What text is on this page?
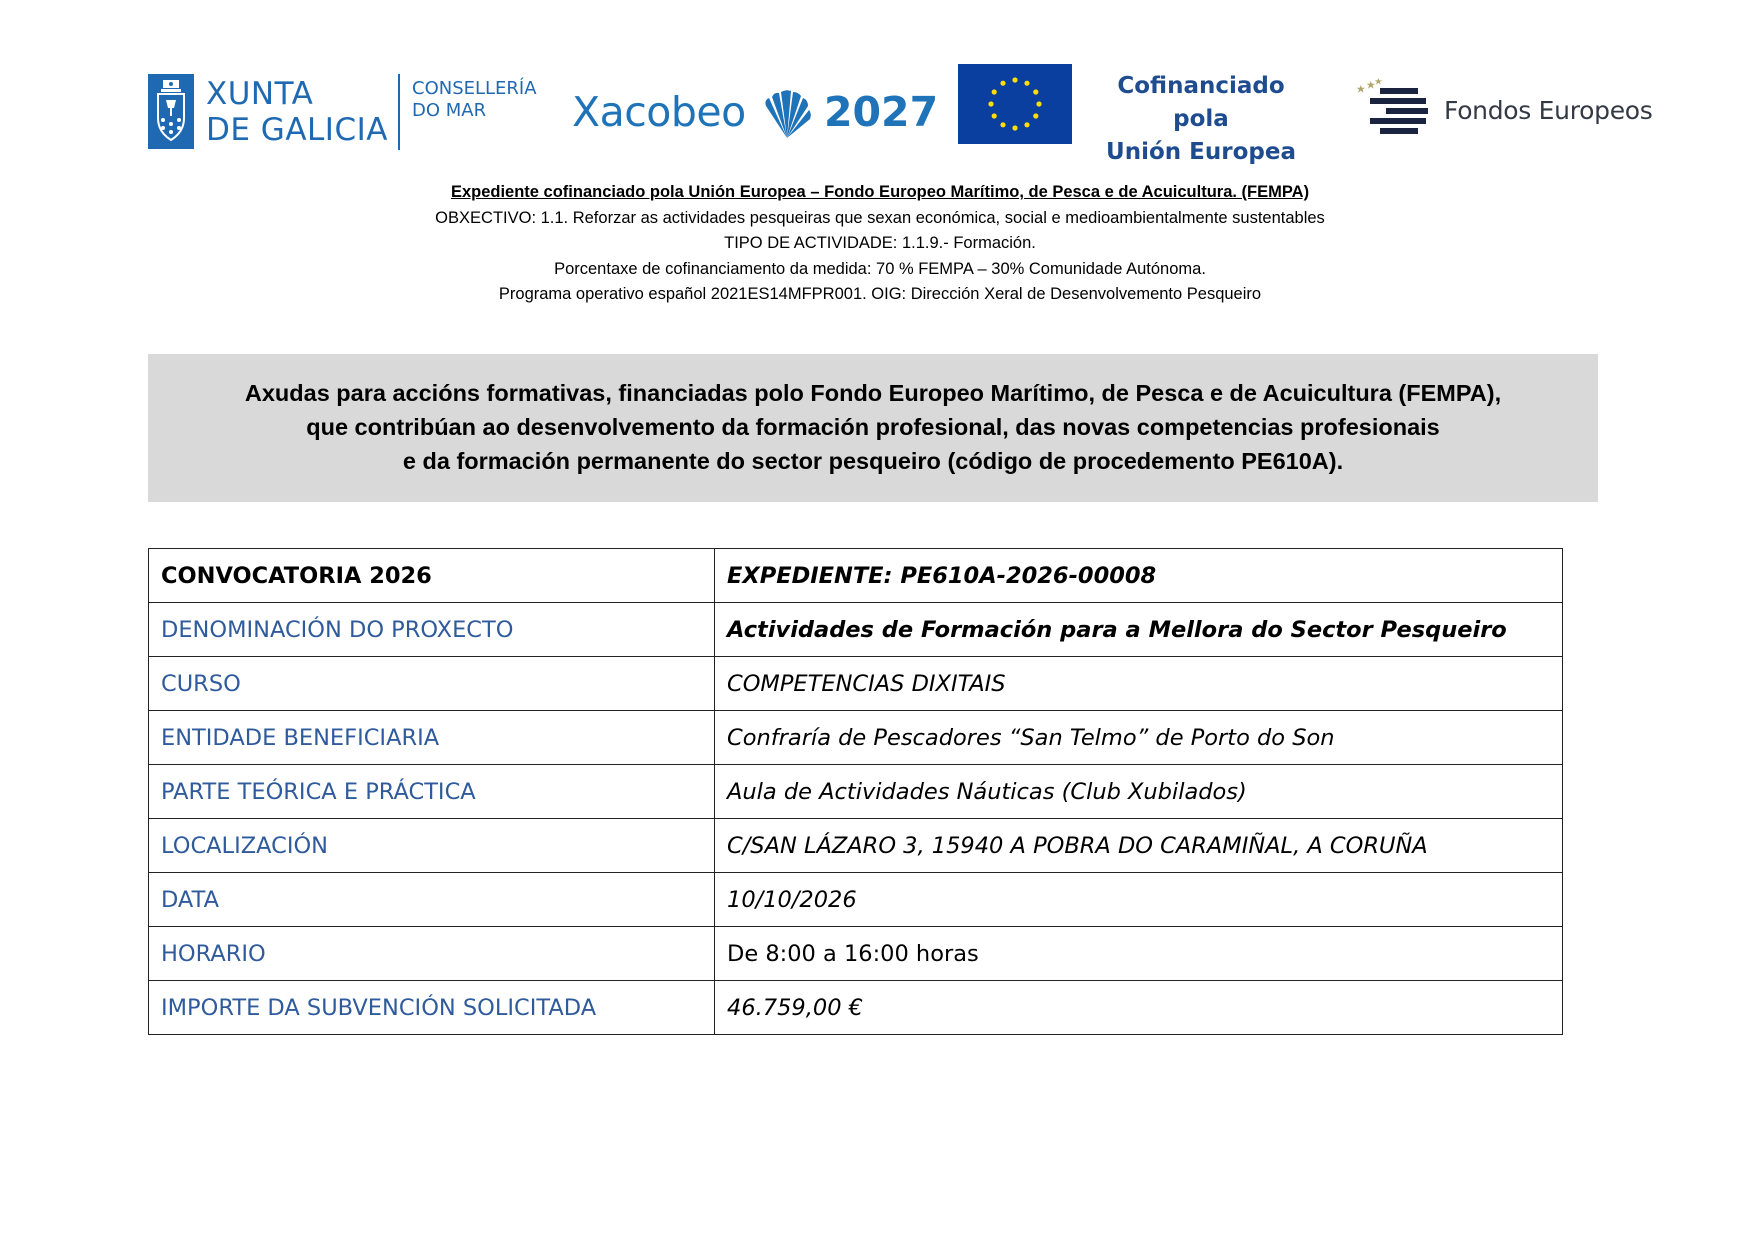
XUNTA
DE GALICIA
CONSELLERÍA
DO MAR	Xacobeo 2027
Cofinanciado pola
Unión Europea
Fondos Europeos
Expediente cofinanciado pola Unión Europea – Fondo Europeo Marítimo, de Pesca e de Acuicultura. (FEMPA)
OBXECTIVO: 1.1. Reforzar as actividades pesqueiras que sexan económica, social e medioambientalmente sustentables
TIPO DE ACTIVIDADE: 1.1.9.- Formación.
Porcentaxe de cofinanciamento da medida: 70 % FEMPA – 30% Comunidade Autónoma.
Programa operativo español 2021ES14MFPR001. OIG: Dirección Xeral de Desenvolvemento Pesqueiro
Axudas para accións formativas, financiadas polo Fondo Europeo Marítimo, de Pesca e de Acuicultura (FEMPA),
que contribúan ao desenvolvemento da formación profesional, das novas competencias profesionais
e da formación permanente do sector pesqueiro (código de procedemento PE610A).
CONVOCATORIA 2026	EXPEDIENTE: PE610A-2026-00008
DENOMINACIÓN DO PROXECTO	Actividades de Formación para a Mellora do Sector Pesqueiro
CURSO	COMPETENCIAS DIXITAIS
ENTIDADE BENEFICIARIA	Confraría de Pescadores “San Telmo” de Porto do Son
PARTE TEÓRICA E PRÁCTICA	Aula de Actividades Náuticas (Club Xubilados)
LOCALIZACIÓN	C/SAN LÁZARO 3, 15940 A POBRA DO CARAMIÑAL, A CORUÑA
DATA	10/10/2026
HORARIO	De 8:00 a 16:00 horas
IMPORTE DA SUBVENCIÓN SOLICITADA	46.759,00 €
